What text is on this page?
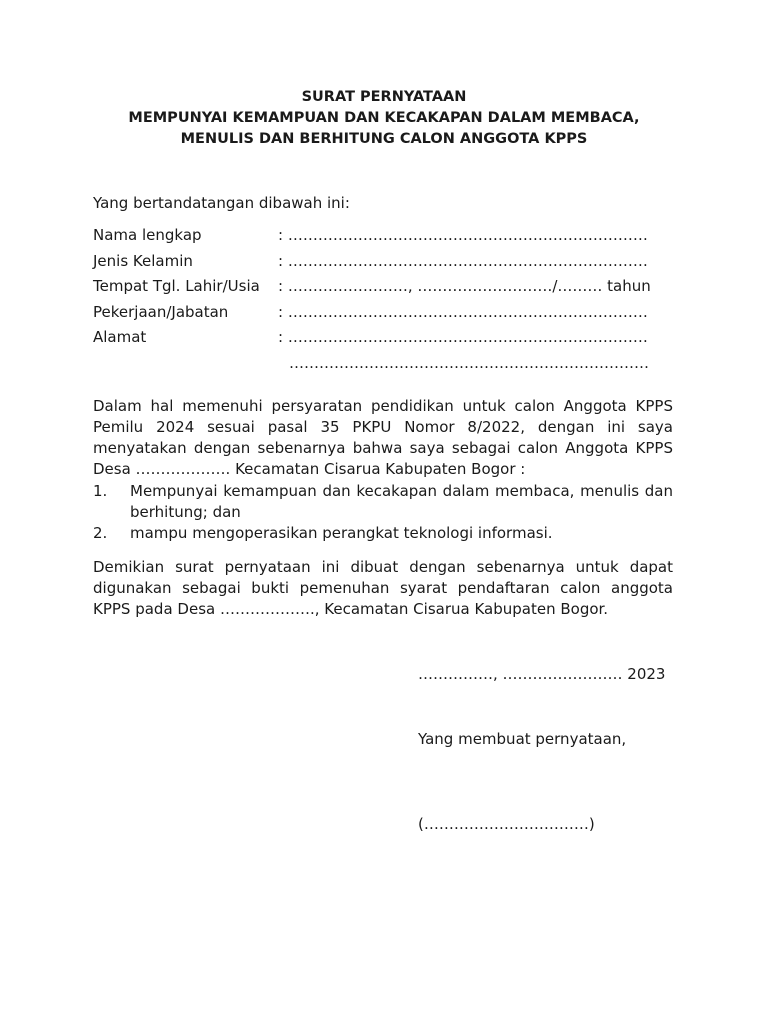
SURAT PERNYATAAN
MEMPUNYAI KEMAMPUAN DAN KECAKAPAN DALAM MEMBACA,
MENULIS DAN BERHITUNG CALON ANGGOTA KPPS
Yang bertandatangan dibawah ini:
Nama lengkap	: ………………………………………………………………
Jenis Kelamin	: ………………………………………………………………
Tempat Tgl. Lahir/Usia : ……………………, ………………………/……… tahun
Pekerjaan/Jabatan	: ………………………………………………………………
Alamat	: ………………………………………………………………
………………………………………………………………
Dalam hal memenuhi persyaratan pendidikan untuk calon Anggota KPPS Pemilu 2024 sesuai pasal 35 PKPU Nomor 8/2022, dengan ini saya menyatakan dengan sebenarnya bahwa saya sebagai calon Anggota KPPS Desa ………………. Kecamatan Cisarua Kabupaten Bogor :
1. Mempunyai kemampuan dan kecakapan dalam membaca, menulis dan berhitung; dan
2. mampu mengoperasikan perangkat teknologi informasi.
Demikian surat pernyataan ini dibuat dengan sebenarnya untuk dapat digunakan sebagai bukti pemenuhan syarat pendaftaran calon anggota KPPS pada Desa ………………., Kecamatan Cisarua Kabupaten Bogor.
……………, …………………… 2023
Yang membuat pernyataan,
(……………………………)
